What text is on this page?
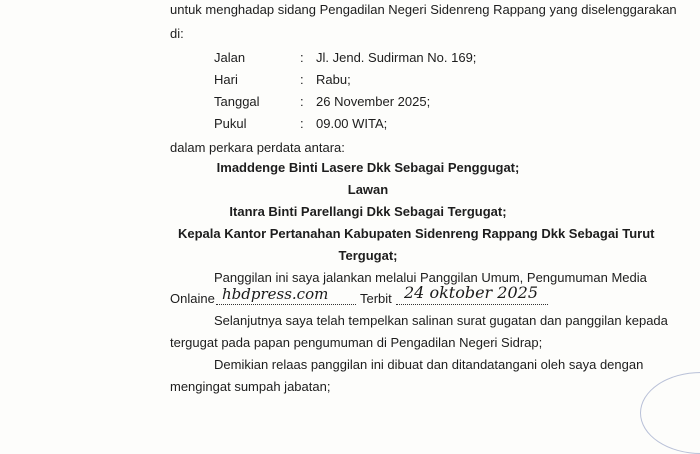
untuk menghadap sidang Pengadilan Negeri Sidenreng Rappang yang diselenggarakan
di:
Jalan	: Jl. Jend. Sudirman No. 169;
Hari	: Rabu;
Tanggal	: 26 November 2025;
Pukul	: 09.00 WITA;
dalam perkara perdata antara:
Imaddenge Binti Lasere Dkk Sebagai Penggugat;
Lawan
Itanra Binti Parellangi Dkk Sebagai Tergugat;
Kepala Kantor Pertanahan Kabupaten Sidenreng Rappang Dkk Sebagai Turut
Tergugat;
Panggilan ini saya jalankan melalui Panggilan Umum, Pengumuman Media
Onlaine hbdpress.com Terbit 24 oktober 2025
Selanjutnya saya telah tempelkan salinan surat gugatan dan panggilan kepada
tergugat pada papan pengumuman di Pengadilan Negeri Sidrap;
Demikian relaas panggilan ini dibuat dan ditandatangani oleh saya dengan
mengingat sumpah jabatan;
